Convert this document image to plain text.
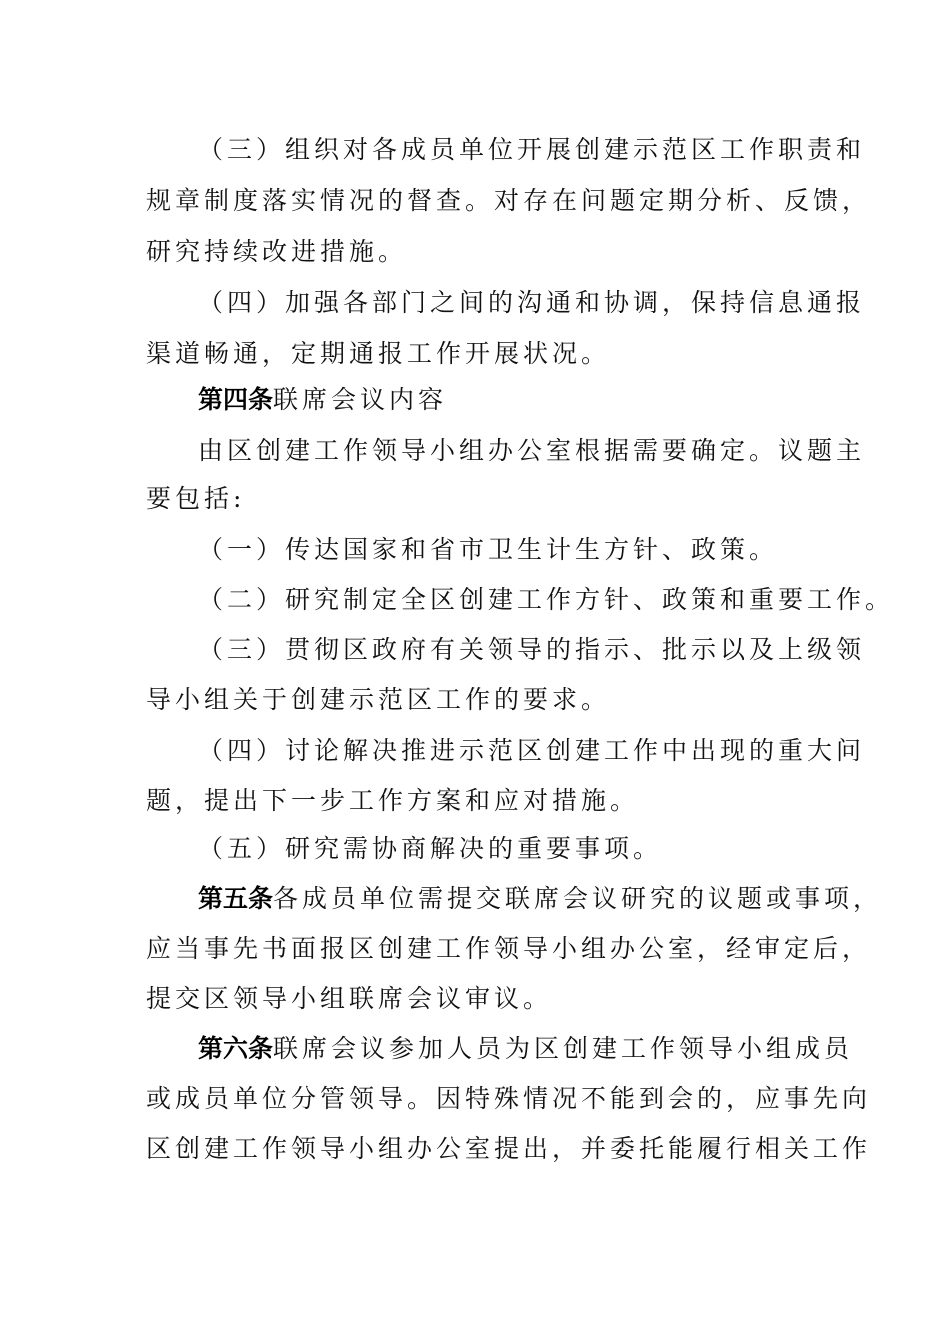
（三）组织对各成员单位开展创建示范区工作职责和
规章制度落实情况的督查。对存在问题定期分析、反馈，
研究持续改进措施。
（四）加强各部门之间的沟通和协调，保持信息通报
渠道畅通，定期通报工作开展状况。
第四条联席会议内容
由区创建工作领导小组办公室根据需要确定。议题主
要包括:
（一）传达国家和省市卫生计生方针、政策。
（二）研究制定全区创建工作方针、政策和重要工作。
（三）贯彻区政府有关领导的指示、批示以及上级领
导小组关于创建示范区工作的要求。
（四）讨论解决推进示范区创建工作中出现的重大问
题，提出下一步工作方案和应对措施。
（五）研究需协商解决的重要事项。
第五条各成员单位需提交联席会议研究的议题或事项，
应当事先书面报区创建工作领导小组办公室，经审定后，
提交区领导小组联席会议审议。
第六条联席会议参加人员为区创建工作领导小组成员
或成员单位分管领导。因特殊情况不能到会的，应事先向
区创建工作领导小组办公室提出，并委托能履行相关工作
